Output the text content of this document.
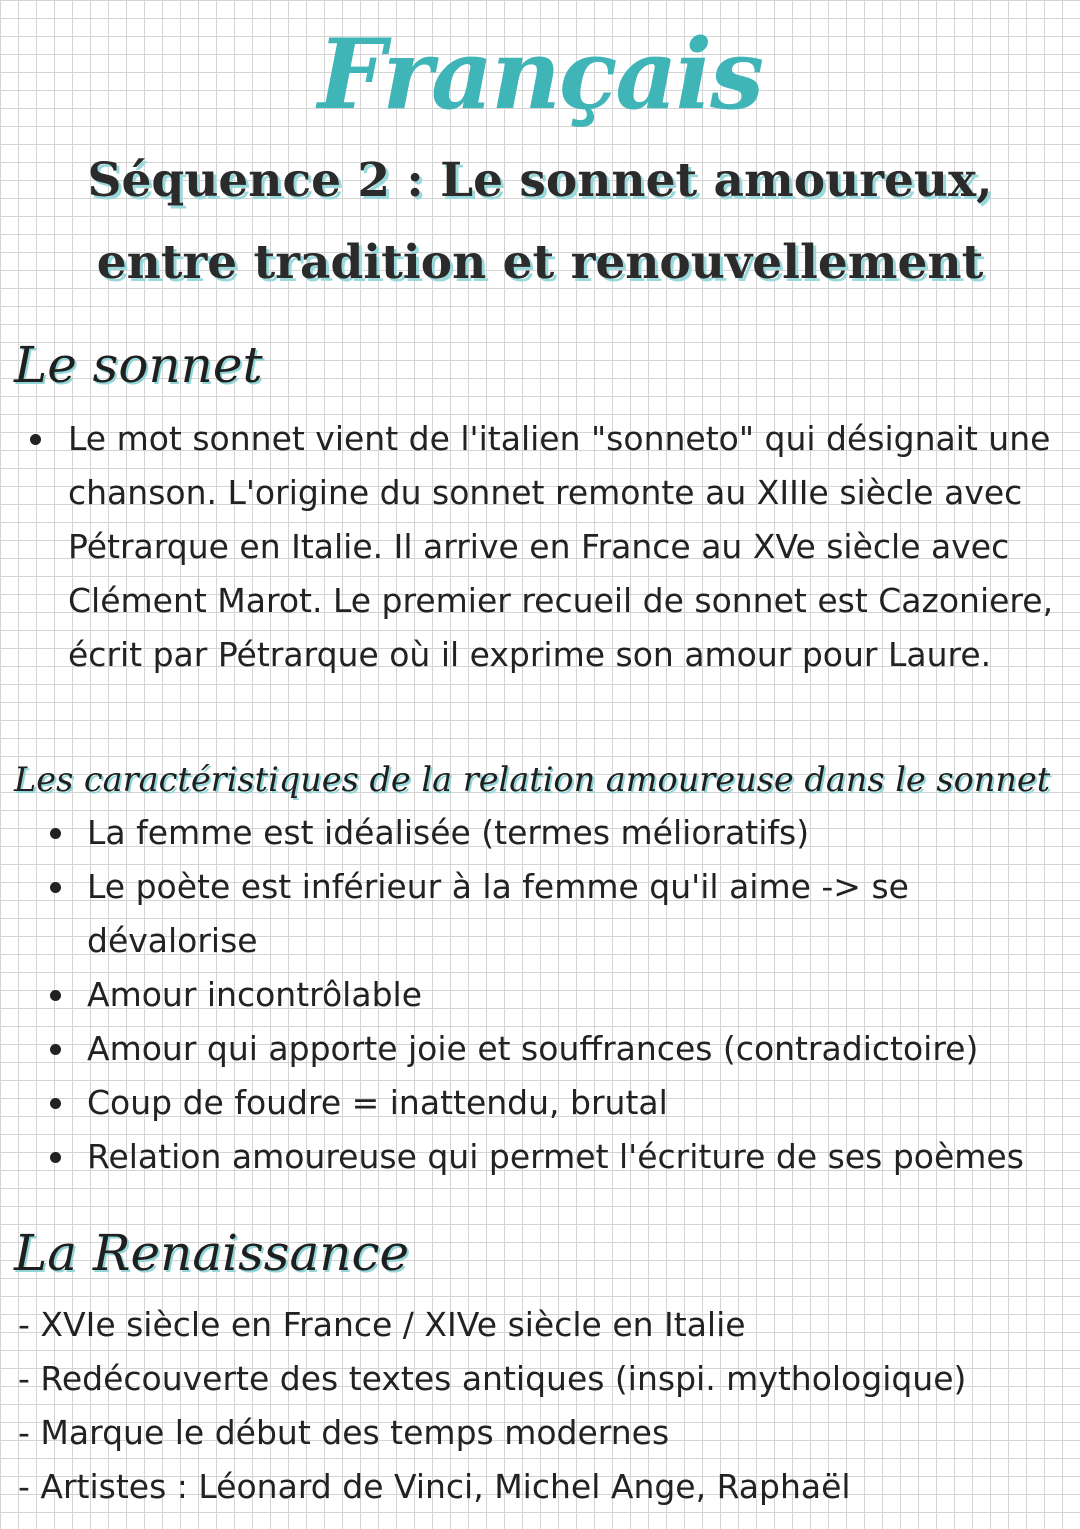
Français
Séquence 2 : Le sonnet amoureux, entre tradition et renouvellement
Le sonnet
Le mot sonnet vient de l'italien "sonneto" qui désignait une chanson. L'origine du sonnet remonte au XIIIe siècle avec Pétrarque en Italie. Il arrive en France au XVe siècle avec Clément Marot. Le premier recueil de sonnet est Cazoniere, écrit par Pétrarque où il exprime son amour pour Laure.
Les caractéristiques de la relation amoureuse dans le sonnet
La femme est idéalisée (termes mélioratifs)
Le poète est inférieur à la femme qu'il aime -> se dévalorise
Amour incontrôlable
Amour qui apporte joie et souffrances (contradictoire)
Coup de foudre = inattendu, brutal
Relation amoureuse qui permet l'écriture de ses poèmes
La Renaissance
- XVIe siècle en France / XIVe siècle en Italie
- Redécouverte des textes antiques (inspi. mythologique)
- Marque le début des temps modernes
- Artistes : Léonard de Vinci, Michel Ange, Raphaël
